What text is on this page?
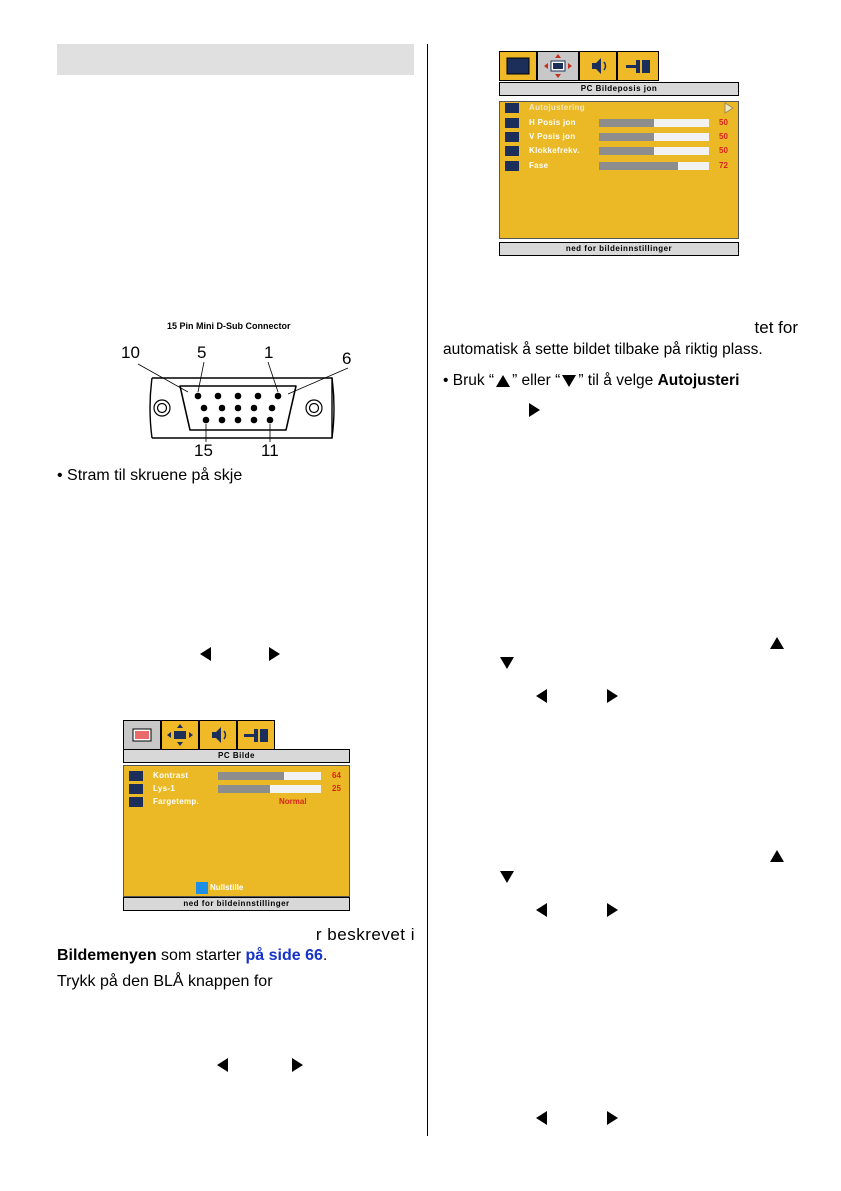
15 Pin Mini D-Sub Connector
10	5	1	6
15	11
• Stram til skruene på skje
PC Bilde
Kontrast	64
Lys-1	25
Fargetemp.	Normal
Nullstille
ned for bildeinnstillinger
r beskrevet i
Bildemenyen som starter på side 66.
Trykk på den BLÅ knappen for
PC Bildeposis jon
Autojustering
H Posis jon	50
V Posis jon	50
Klokkefrekv.	50
Fase	72
ned for bildeinnstillinger
tet for
automatisk å sette bildet tilbake på riktig plass.
• Bruk “ ” eller “ ” til å velge Autojusteri
